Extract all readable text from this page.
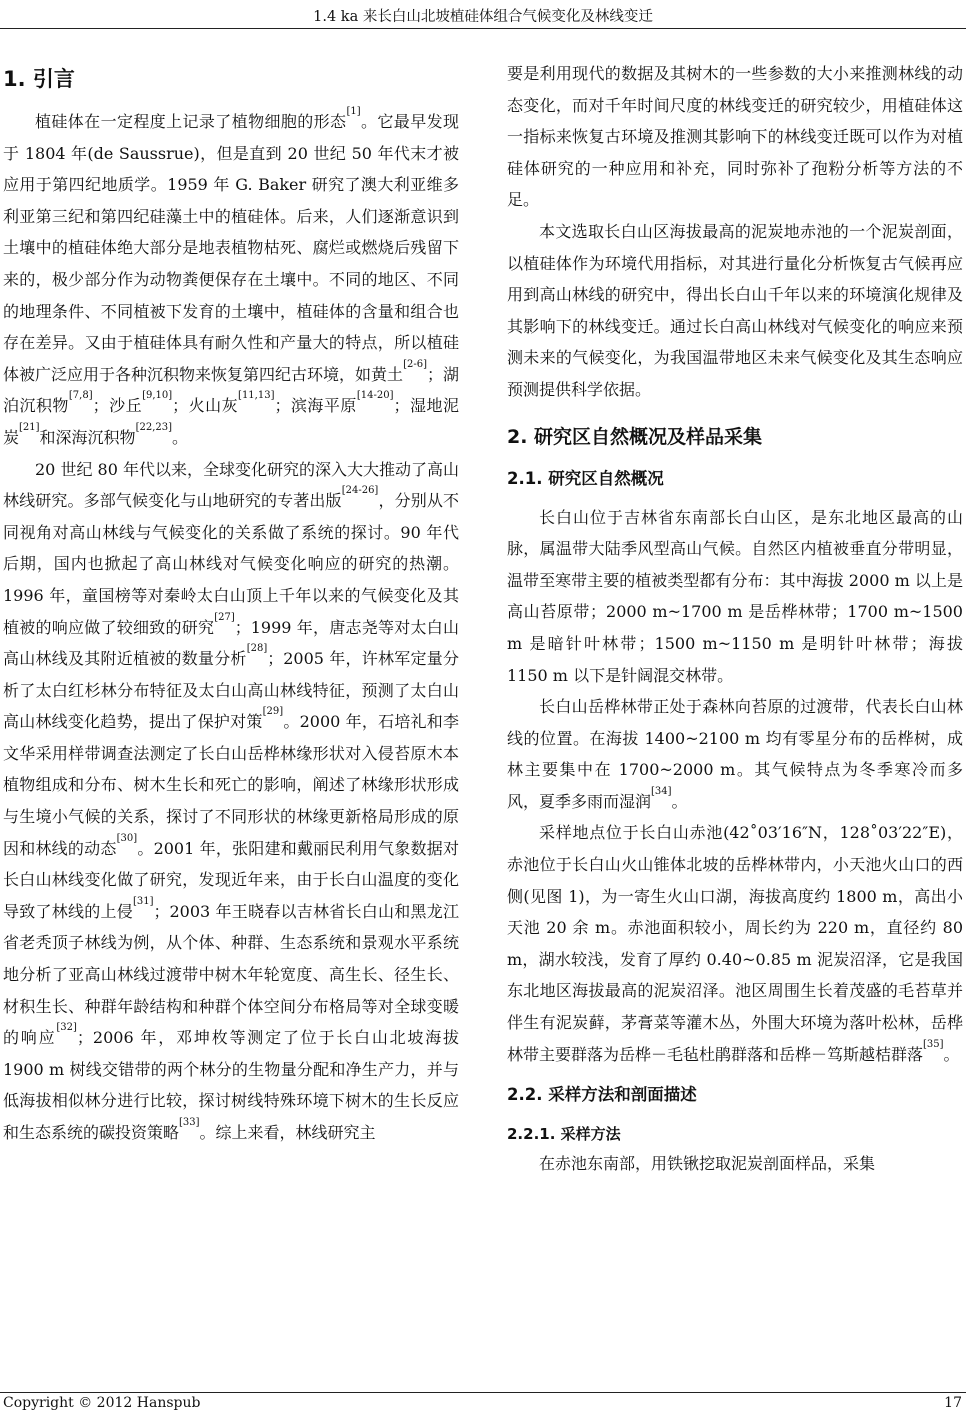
1.4 ka 来长白山北坡植硅体组合气候变化及林线变迁
1. 引言

植硅体在一定程度上记录了植物细胞的形态[1]。它最早发现于 1804 年(de Saussrue)，但是直到 20 世纪 50 年代末才被应用于第四纪地质学。1959 年 G. Baker 研究了澳大利亚维多利亚第三纪和第四纪硅藻土中的植硅体。后来，人们逐渐意识到土壤中的植硅体绝大部分是地表植物枯死、腐烂或燃烧后残留下来的，极少部分作为动物粪便保存在土壤中。不同的地区、不同的地理条件、不同植被下发育的土壤中，植硅体的含量和组合也存在差异。又由于植硅体具有耐久性和产量大的特点，所以植硅体被广泛应用于各种沉积物来恢复第四纪古环境，如黄土[2-6]；湖泊沉积物[7,8]；沙丘[9,10]；火山灰[11,13]；滨海平原[14-20]；湿地泥炭[21]和深海沉积物[22,23]。

20 世纪 80 年代以来，全球变化研究的深入大大推动了高山林线研究。多部气候变化与山地研究的专著出版[24-26]，分别从不同视角对高山林线与气候变化的关系做了系统的探讨。90 年代后期，国内也掀起了高山林线对气候变化响应的研究的热潮。1996 年，童国榜等对秦岭太白山顶上千年以来的气候变化及其植被的响应做了较细致的研究[27]；1999 年，唐志尧等对太白山高山林线及其附近植被的数量分析[28]；2005 年，许林军定量分析了太白红杉林分布特征及太白山高山林线特征，预测了太白山高山林线变化趋势，提出了保护对策[29]。2000 年，石培礼和李文华采用样带调查法测定了长白山岳桦林缘形状对入侵苔原木本植物组成和分布、树木生长和死亡的影响，阐述了林缘形状形成与生境小气候的关系，探讨了不同形状的林缘更新格局形成的原因和林线的动态[30]。2001 年，张阳建和戴丽民利用气象数据对长白山林线变化做了研究，发现近年来，由于长白山温度的变化导致了林线的上侵[31]；2003 年王晓春以吉林省长白山和黑龙江省老秃顶子林线为例，从个体、种群、生态系统和景观水平系统地分析了亚高山林线过渡带中树木年轮宽度、高生长、径生长、材积生长、种群年龄结构和种群个体空间分布格局等对全球变暖的响应[32]；2006 年，邓坤枚等测定了位于长白山北坡海拔 1900 m 树线交错带的两个林分的生物量分配和净生产力，并与低海拔相似林分进行比较，探讨树线特殊环境下树木的生长反应和生态系统的碳投资策略[33]。综上来看，林线研究主

要是利用现代的数据及其树木的一些参数的大小来推测林线的动态变化，而对千年时间尺度的林线变迁的研究较少，用植硅体这一指标来恢复古环境及推测其影响下的林线变迁既可以作为对植硅体研究的一种应用和补充，同时弥补了孢粉分析等方法的不足。

本文选取长白山区海拔最高的泥炭地赤池的一个泥炭剖面，以植硅体作为环境代用指标，对其进行量化分析恢复古气候再应用到高山林线的研究中，得出长白山千年以来的环境演化规律及其影响下的林线变迁。通过长白高山林线对气候变化的响应来预测未来的气候变化，为我国温带地区未来气候变化及其生态响应预测提供科学依据。

2. 研究区自然概况及样品采集
2.1. 研究区自然概况

长白山位于吉林省东南部长白山区，是东北地区最高的山脉，属温带大陆季风型高山气候。自然区内植被垂直分带明显，温带至寒带主要的植被类型都有分布：其中海拔 2000 m 以上是高山苔原带；2000 m~1700 m 是岳桦林带；1700 m~1500 m 是暗针叶林带；1500 m~1150 m 是明针叶林带；海拔 1150 m 以下是针阔混交林带。

长白山岳桦林带正处于森林向苔原的过渡带，代表长白山林线的位置。在海拔 1400~2100 m 均有零星分布的岳桦树，成林主要集中在 1700~2000 m。其气候特点为冬季寒冷而多风，夏季多雨而湿润[34]。

采样地点位于长白山赤池(42˚03′16″N，128˚03′22″E)，赤池位于长白山火山锥体北坡的岳桦林带内，小天池火山口的西侧(见图 1)，为一寄生火山口湖，海拔高度约 1800 m，高出小天池 20 余 m。赤池面积较小，周长约为 220 m，直径约 80 m，湖水较浅，发育了厚约 0.40~0.85 m 泥炭沼泽，它是我国东北地区海拔最高的泥炭沼泽。池区周围生长着茂盛的毛苔草并伴生有泥炭藓，茅膏菜等灌木丛，外围大环境为落叶松林，岳桦林带主要群落为岳桦－毛毡杜鹃群落和岳桦－笃斯越桔群落[35]。

2.2. 采样方法和剖面描述
2.2.1. 采样方法

在赤池东南部，用铁锹挖取泥炭剖面样品，采集

Copyright © 2012 Hanspub	17
